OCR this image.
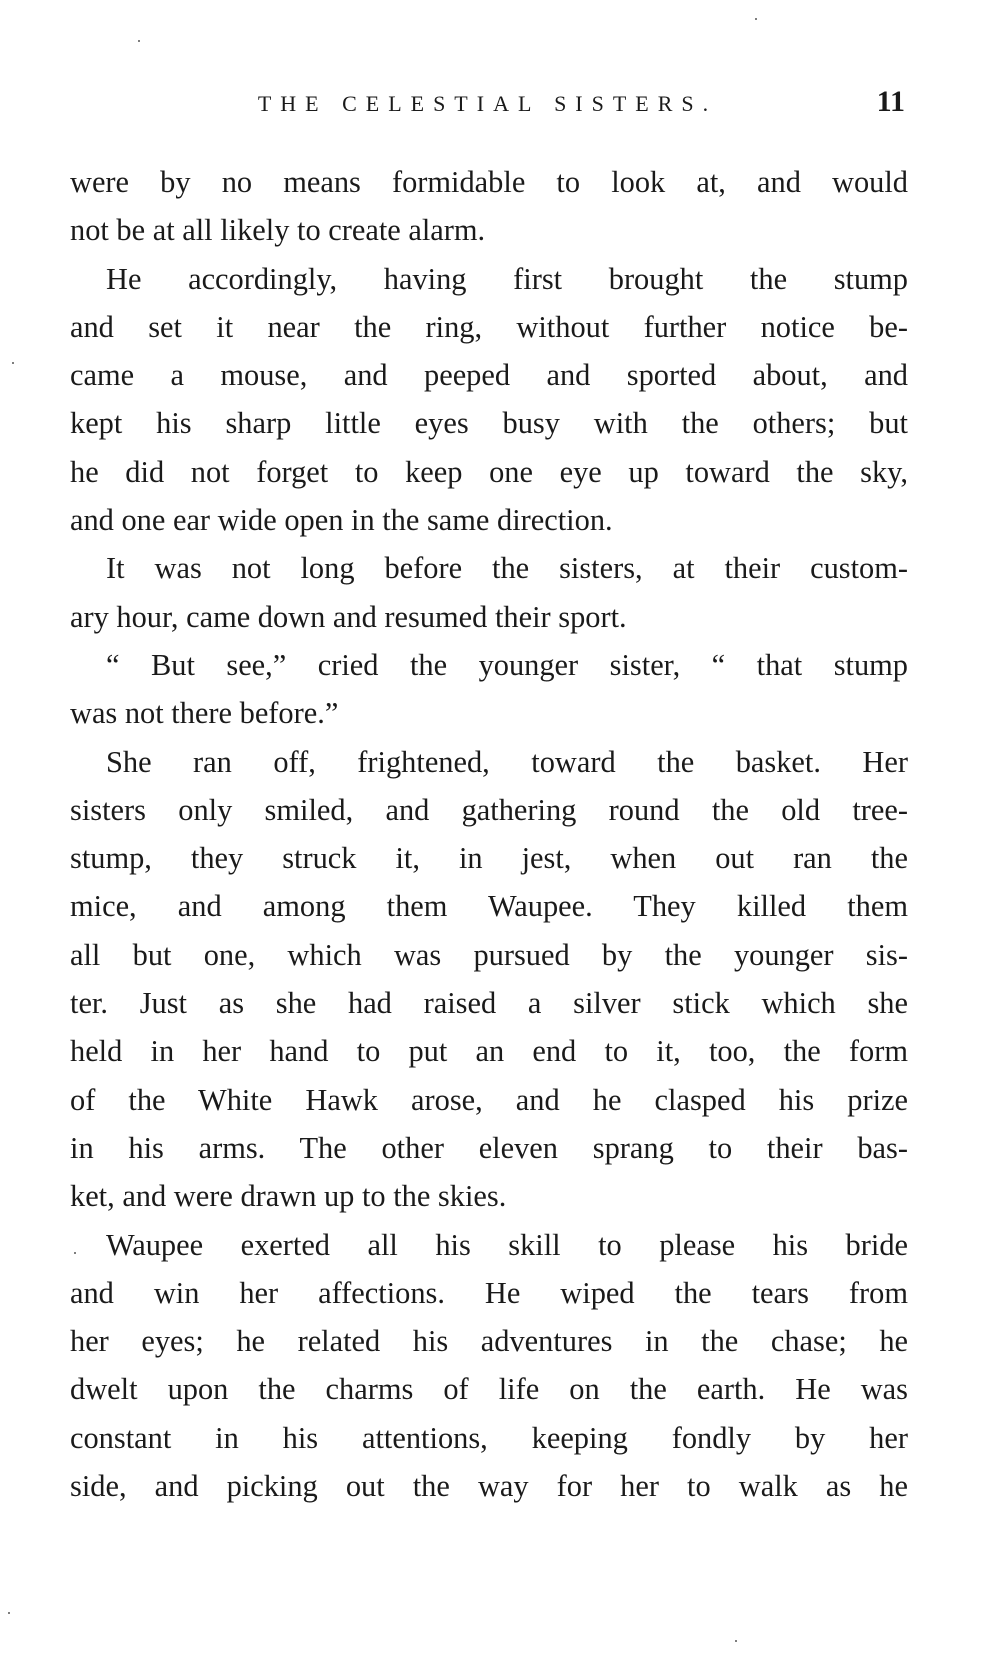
THE CELESTIAL SISTERS.	11
were by no means formidable to look at, and would
not be at all likely to create alarm.
He accordingly, having first brought the stump
and set it near the ring, without further notice be-
came a mouse, and peeped and sported about, and
kept his sharp little eyes busy with the others; but
he did not forget to keep one eye up toward the sky,
and one ear wide open in the same direction.
It was not long before the sisters, at their custom-
ary hour, came down and resumed their sport.
“ But see,” cried the younger sister, “ that stump
was not there before.”
She ran off, frightened, toward the basket. Her
sisters only smiled, and gathering round the old tree-
stump, they struck it, in jest, when out ran the
mice, and among them Waupee. They killed them
all but one, which was pursued by the younger sis-
ter. Just as she had raised a silver stick which she
held in her hand to put an end to it, too, the form
of the White Hawk arose, and he clasped his prize
in his arms. The other eleven sprang to their bas-
ket, and were drawn up to the skies.
Waupee exerted all his skill to please his bride
and win her affections. He wiped the tears from
her eyes; he related his adventures in the chase; he
dwelt upon the charms of life on the earth. He was
constant in his attentions, keeping fondly by her
side, and picking out the way for her to walk as he
